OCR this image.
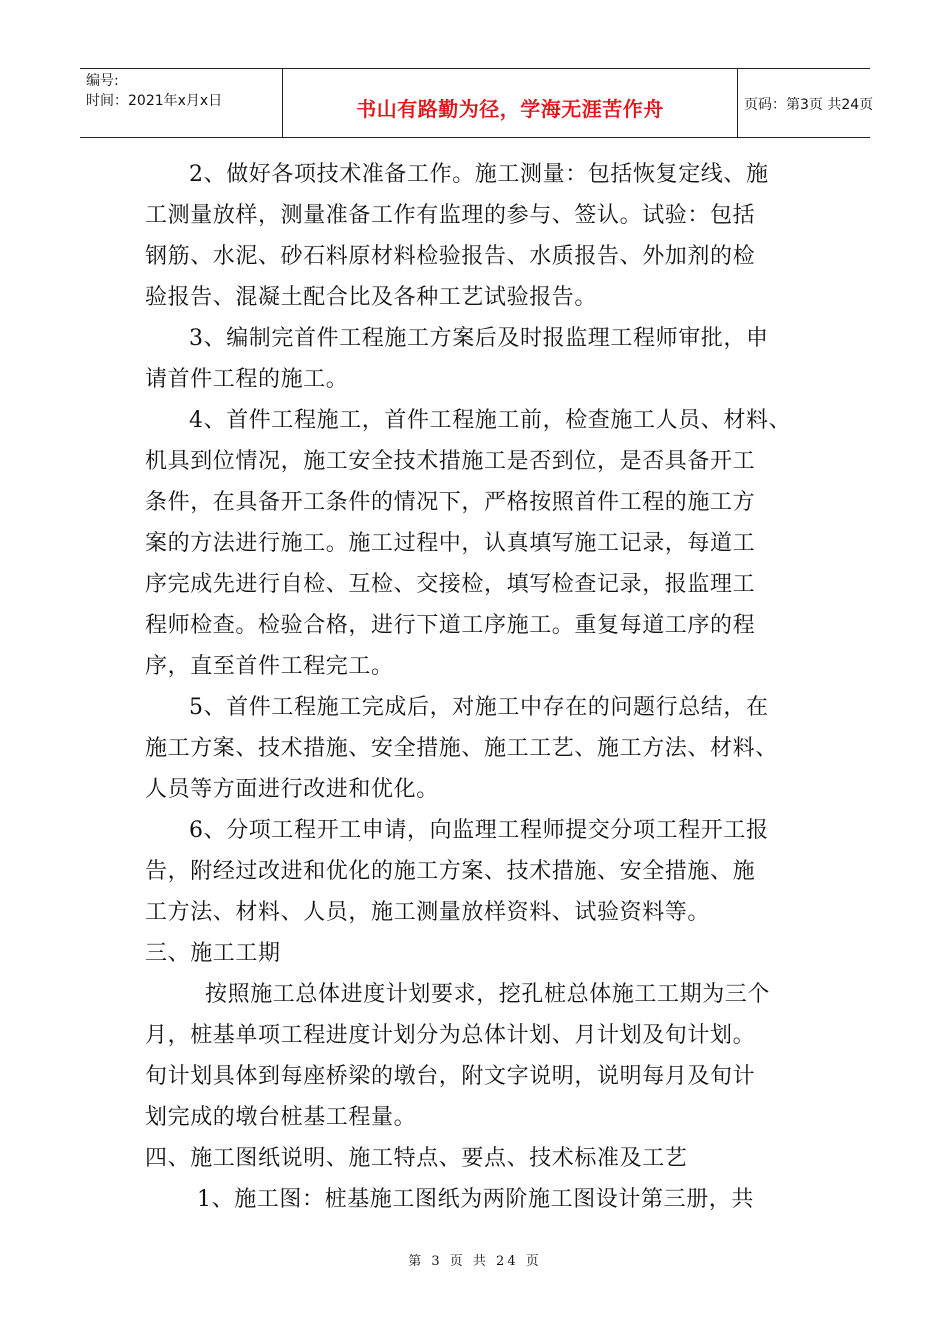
编号:
时间：2021年x月x日	书山有路勤为径，学海无涯苦作舟	页码：第3页 共24页
2、做好各项技术准备工作。施工测量：包括恢复定线、施
工测量放样，测量准备工作有监理的参与、签认。试验：包括
钢筋、水泥、砂石料原材料检验报告、水质报告、外加剂的检
验报告、混凝土配合比及各种工艺试验报告。
3、编制完首件工程施工方案后及时报监理工程师审批，申
请首件工程的施工。
4、首件工程施工，首件工程施工前，检查施工人员、材料、
机具到位情况，施工安全技术措施工是否到位，是否具备开工
条件，在具备开工条件的情况下，严格按照首件工程的施工方
案的方法进行施工。施工过程中，认真填写施工记录，每道工
序完成先进行自检、互检、交接检，填写检查记录，报监理工
程师检查。检验合格，进行下道工序施工。重复每道工序的程
序，直至首件工程完工。
5、首件工程施工完成后，对施工中存在的问题行总结，在
施工方案、技术措施、安全措施、施工工艺、施工方法、材料、
人员等方面进行改进和优化。
6、分项工程开工申请，向监理工程师提交分项工程开工报
告，附经过改进和优化的施工方案、技术措施、安全措施、施
工方法、材料、人员，施工测量放样资料、试验资料等。
三、施工工期
按照施工总体进度计划要求，挖孔桩总体施工工期为三个
月，桩基单项工程进度计划分为总体计划、月计划及旬计划。
旬计划具体到每座桥梁的墩台，附文字说明，说明每月及旬计
划完成的墩台桩基工程量。
四、施工图纸说明、施工特点、要点、技术标准及工艺
1、施工图：桩基施工图纸为两阶施工图设计第三册，共
第 3 页 共 24 页
